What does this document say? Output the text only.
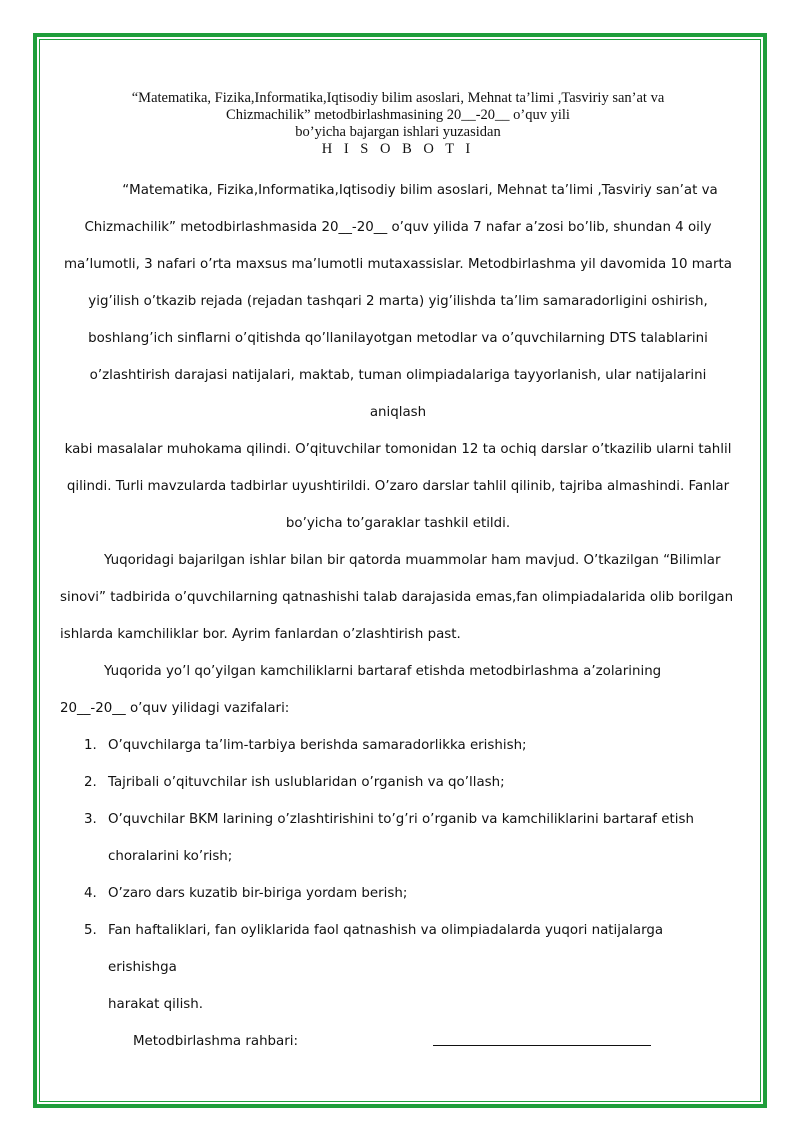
“Matematika, Fizika,Informatika,Iqtisodiy bilim asoslari, Mehnat ta’limi ,Tasviriy san’at va
Chizmachilik” metodbirlashmasining 20__-20__ o’quv yili
bo’yicha bajargan ishlari yuzasidan
H I S O B O T I
“Matematika, Fizika,Informatika,Iqtisodiy bilim asoslari, Mehnat ta’limi ,Tasviriy san’at va
Chizmachilik” metodbirlashmasida 20__-20__ o’quv yilida 7 nafar a’zosi bo’lib, shundan 4 oily
ma’lumotli, 3 nafari o’rta maxsus ma’lumotli mutaxassislar. Metodbirlashma yil davomida 10 marta
yig’ilish o’tkazib rejada (rejadan tashqari 2 marta) yig’ilishda ta’lim samaradorligini oshirish,
boshlang’ich sinflarni o’qitishda qo’llanilayotgan metodlar va o’quvchilarning DTS talablarini
o’zlashtirish darajasi natijalari, maktab, tuman olimpiadalariga tayyorlanish, ular natijalarini aniqlash
kabi masalalar muhokama qilindi. O’qituvchilar tomonidan 12 ta ochiq darslar o’tkazilib ularni tahlil
qilindi. Turli mavzularda tadbirlar uyushtirildi. O’zaro darslar tahlil qilinib, tajriba almashindi. Fanlar
bo’yicha to’garaklar tashkil etildi.
Yuqoridagi bajarilgan ishlar bilan bir qatorda muammolar ham mavjud. O’tkazilgan “Bilimlar
sinovi” tadbirida o’quvchilarning qatnashishi talab darajasida emas,fan olimpiadalarida olib borilgan
ishlarda kamchiliklar bor. Ayrim fanlardan o’zlashtirish past.
Yuqorida yo’l qo’yilgan kamchiliklarni bartaraf etishda metodbirlashma a’zolarining
20__-20__ o’quv yilidagi vazifalari:
1. O’quvchilarga ta’lim-tarbiya berishda samaradorlikka erishish;
2. Tajribali o’qituvchilar ish uslublaridan o’rganish va qo’llash;
3. O’quvchilar BKM larining o’zlashtirishini to’g’ri o’rganib va kamchiliklarini bartaraf etish
choralarini ko’rish;
4. O’zaro dars kuzatib bir-biriga yordam berish;
5. Fan haftaliklari, fan oyliklarida faol qatnashish va olimpiadalarda yuqori natijalarga erishishga
harakat qilish.
Metodbirlashma rahbari:
